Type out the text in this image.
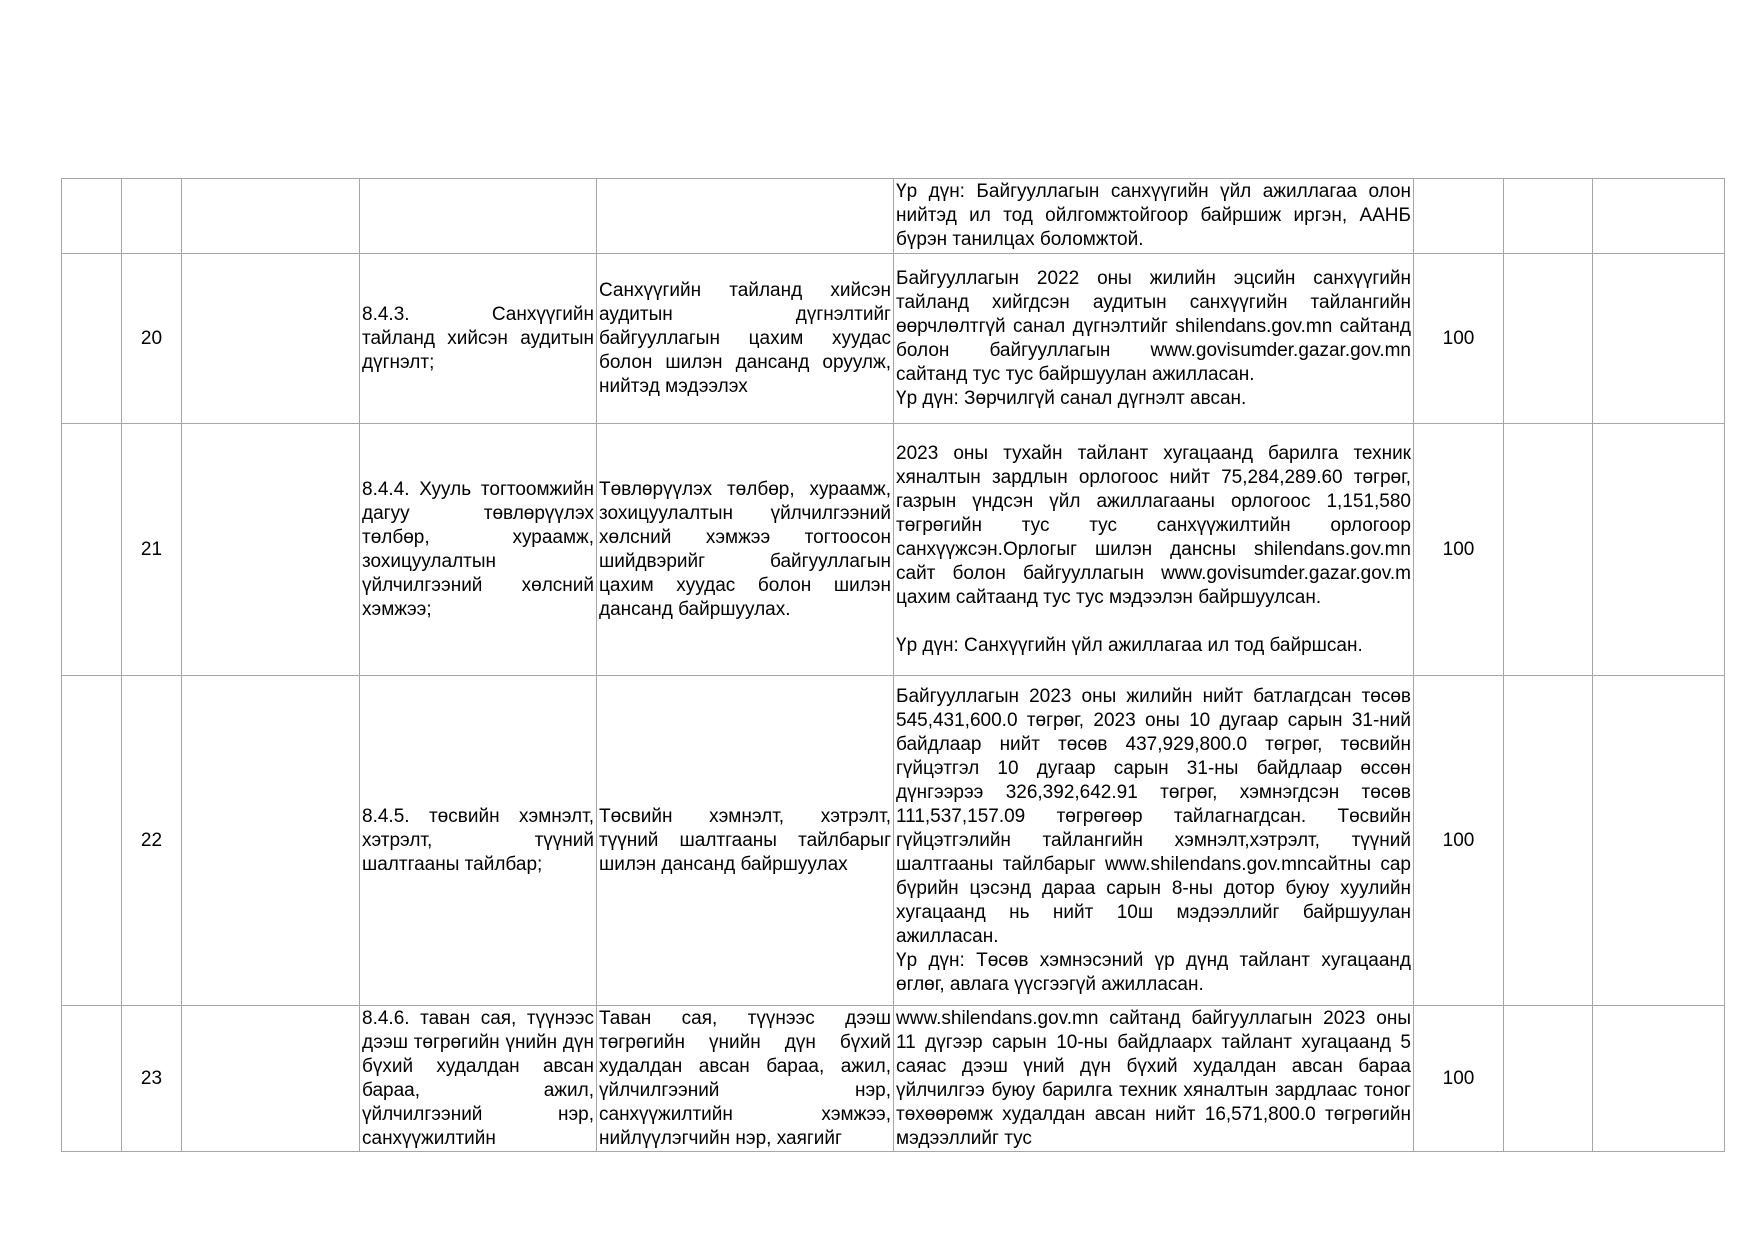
					Үр дүн: Байгууллагын санхүүгийн үйл ажиллагаа олон нийтэд ил тод ойлгомжтойгоор байршиж иргэн, ААНБ бүрэн танилцах боломжтой.			

	20		8.4.3. Санхүүгийн тайланд хийсэн аудитын дүгнэлт;	Санхүүгийн тайланд хийсэн аудитын дүгнэлтийг байгууллагын цахим хуудас болон шилэн дансанд оруулж, нийтэд мэдээлэх	Байгууллагын 2022 оны жилийн эцсийн санхүүгийн тайланд хийгдсэн аудитын санхүүгийн тайлангийн өөрчлөлтгүй санал дүгнэлтийг shilendans.gov.mn сайтанд болон байгууллагын www.govisumder.gazar.gov.mn сайтанд тус тус байршуулан ажилласан.
Үр дүн: Зөрчилгүй санал дүгнэлт авсан.	100		
	21		8.4.4. Хууль тогтоомжийн дагуу төвлөрүүлэх төлбөр, хураамж, зохицуулалтын үйлчилгээний хөлсний хэмжээ;	Төвлөрүүлэх төлбөр, хураамж, зохицуулалтын үйлчилгээний хөлсний хэмжээ тогтоосон шийдвэрийг байгууллагын цахим хуудас болон шилэн дансанд байршуулах.	2023 оны тухайн тайлант хугацаанд барилга техник хяналтын зардлын орлогоос нийт 75,284,289.60 төгрөг, газрын үндсэн үйл ажиллагааны орлогоос 1,151,580 төгрөгийн тус тус санхүүжилтийн орлогоор санхүүжсэн.Орлогыг шилэн дансны shilendans.gov.mn сайт болон байгууллагын www.govisumder.gazar.gov.m цахим сайтаанд тус тус мэдээлэн байршуулсан.
Үр дүн: Санхүүгийн үйл ажиллагаа ил тод байршсан.	100		
	22		8.4.5. төсвийн хэмнэлт, хэтрэлт, түүний шалтгааны тайлбар;	Төсвийн хэмнэлт, хэтрэлт, түүний шалтгааны тайлбарыг шилэн дансанд байршуулах	Байгууллагын 2023 оны жилийн нийт батлагдсан төсөв 545,431,600.0 төгрөг, 2023 оны 10 дугаар сарын 31-ний байдлаар нийт төсөв 437,929,800.0 төгрөг, төсвийн гүйцэтгэл 10 дугаар сарын 31-ны байдлаар өссөн дүнгээрээ 326,392,642.91 төгрөг, хэмнэгдсэн төсөв 111,537,157.09 төгрөгөөр тайлагнагдсан. Төсвийн гүйцэтгэлийн тайлангийн хэмнэлт,хэтрэлт, түүний шалтгааны тайлбарыг www.shilendans.gov.mnсайтны сар бүрийн цэсэнд дараа сарын 8-ны дотор буюу хуулийн хугацаанд нь нийт 10ш мэдээллийг байршуулан ажилласан.
Үр дүн: Төсөв хэмнэсэний үр дүнд тайлант хугацаанд өглөг, авлага үүсгээгүй ажилласан.	100		
	23		8.4.6. таван сая, түүнээс дээш төгрөгийн үнийн дүн бүхий худалдан авсан бараа, ажил, үйлчилгээний нэр, санхүүжилтийн	Таван сая, түүнээс дээш төгрөгийн үнийн дүн бүхий худалдан авсан бараа, ажил, үйлчилгээний нэр, санхүүжилтийн хэмжээ, нийлүүлэгчийн нэр, хаягийг	www.shilendans.gov.mn сайтанд байгууллагын 2023 оны 11 дүгээр сарын 10-ны байдлаарх тайлант хугацаанд 5 саяас дээш үний дүн бүхий худалдан авсан бараа үйлчилгээ буюу барилга техник хяналтын зардлаас тоног төхөөрөмж худалдан авсан нийт 16,571,800.0 төгрөгийн мэдээллийг тус	100		
